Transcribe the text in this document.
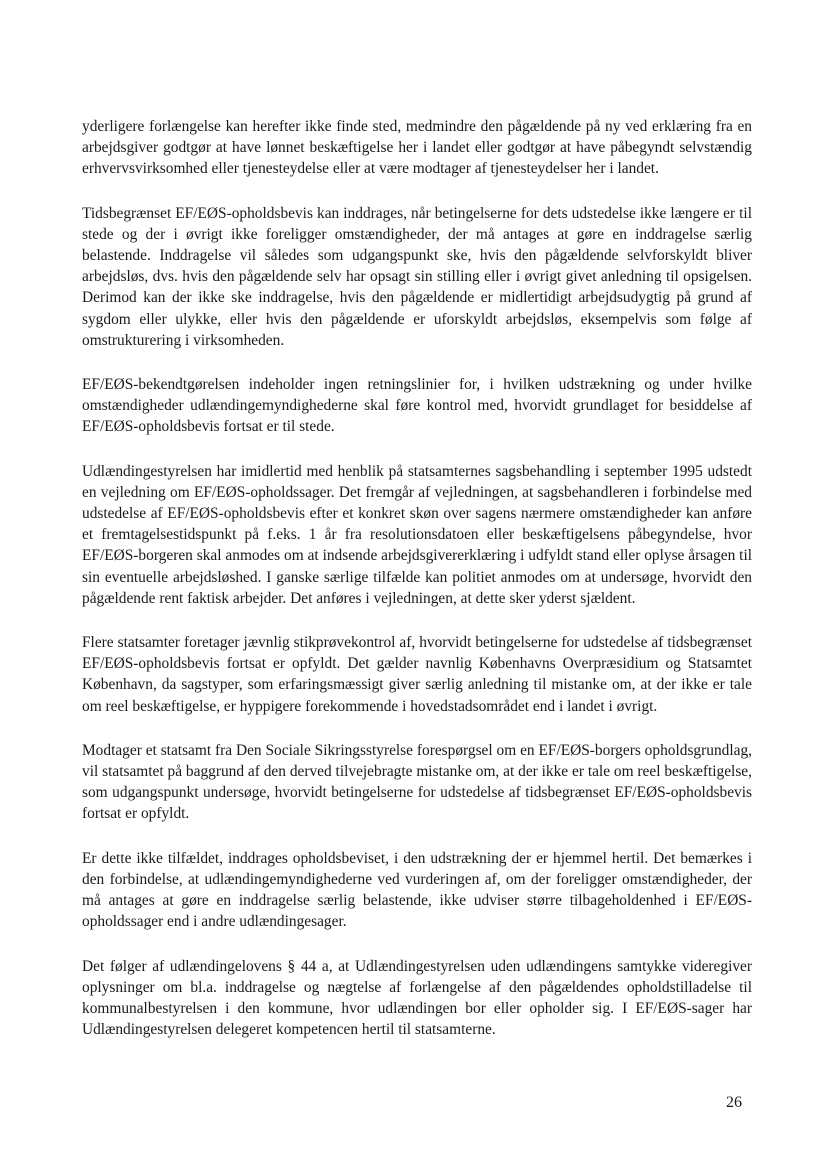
yderligere forlængelse kan herefter ikke finde sted, medmindre den pågældende på ny ved erklæring fra en arbejdsgiver godtgør at have lønnet beskæftigelse her i landet eller godtgør at have påbegyndt selvstændig erhvervsvirksomhed eller tjenesteydelse eller at være modtager af tjenesteydelser her i landet.

Tidsbegrænset EF/EØS-opholdsbevis kan inddrages, når betingelserne for dets udstedelse ikke længere er til stede og der i øvrigt ikke foreligger omstændigheder, der må antages at gøre en inddragelse særlig belastende. Inddragelse vil således som udgangspunkt ske, hvis den pågældende selvforskyldt bliver arbejdsløs, dvs. hvis den pågældende selv har opsagt sin stilling eller i øvrigt givet anledning til opsigelsen. Derimod kan der ikke ske inddragelse, hvis den pågældende er midlertidigt arbejdsudygtig på grund af sygdom eller ulykke, eller hvis den pågældende er uforskyldt arbejdsløs, eksempelvis som følge af omstrukturering i virksomheden.

EF/EØS-bekendtgørelsen indeholder ingen retningslinier for, i hvilken udstrækning og under hvilke omstændigheder udlændingemyndighederne skal føre kontrol med, hvorvidt grundlaget for besiddelse af EF/EØS-opholdsbevis fortsat er til stede.

Udlændingestyrelsen har imidlertid med henblik på statsamternes sagsbehandling i september 1995 udstedt en vejledning om EF/EØS-opholdssager. Det fremgår af vejledningen, at sagsbehandleren i forbindelse med udstedelse af EF/EØS-opholdsbevis efter et konkret skøn over sagens nærmere omstændigheder kan anføre et fremtagelsestidspunkt på f.eks. 1 år fra resolutionsdatoen eller beskæftigelsens påbegyndelse, hvor EF/EØS-borgeren skal anmodes om at indsende arbejdsgivererklæring i udfyldt stand eller oplyse årsagen til sin eventuelle arbejdsløshed. I ganske særlige tilfælde kan politiet anmodes om at undersøge, hvorvidt den pågældende rent faktisk arbejder. Det anføres i vejledningen, at dette sker yderst sjældent.

Flere statsamter foretager jævnlig stikprøvekontrol af, hvorvidt betingelserne for udstedelse af tidsbegrænset EF/EØS-opholdsbevis fortsat er opfyldt. Det gælder navnlig Københavns Overpræsidium og Statsamtet København, da sagstyper, som erfaringsmæssigt giver særlig anledning til mistanke om, at der ikke er tale om reel beskæftigelse, er hyppigere forekommende i hovedstadsområdet end i landet i øvrigt.

Modtager et statsamt fra Den Sociale Sikringsstyrelse forespørgsel om en EF/EØS-borgers opholdsgrundlag, vil statsamtet på baggrund af den derved tilvejebragte mistanke om, at der ikke er tale om reel beskæftigelse, som udgangspunkt undersøge, hvorvidt betingelserne for udstedelse af tidsbegrænset EF/EØS-opholdsbevis fortsat er opfyldt.

Er dette ikke tilfældet, inddrages opholdsbeviset, i den udstrækning der er hjemmel hertil. Det bemærkes i den forbindelse, at udlændingemyndighederne ved vurderingen af, om der foreligger omstændigheder, der må antages at gøre en inddragelse særlig belastende, ikke udviser større tilbageholdenhed i EF/EØS-opholdssager end i andre udlændingesager.

Det følger af udlændingelovens § 44 a, at Udlændingestyrelsen uden udlændingens samtykke videregiver oplysninger om bl.a. inddragelse og nægtelse af forlængelse af den pågældendes opholdstilladelse til kommunalbestyrelsen i den kommune, hvor udlændingen bor eller opholder sig. I EF/EØS-sager har Udlændingestyrelsen delegeret kompetencen hertil til statsamterne.

26
